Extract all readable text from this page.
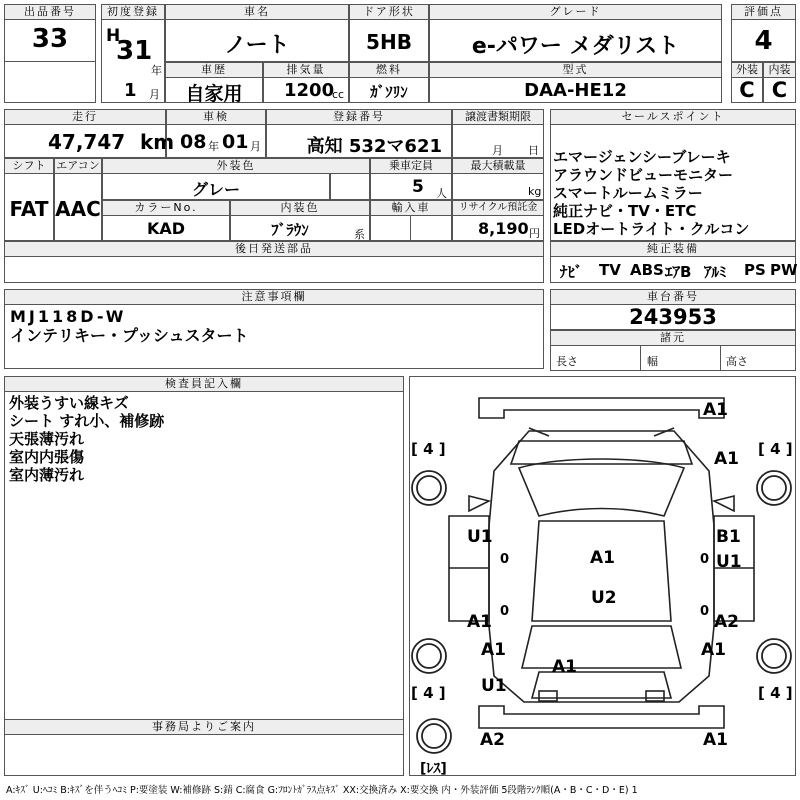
出品番号
33
初度登録
H
31
年
1 月
車名
ノート
ドア形状
5HB
グレード
e-パワー メダリスト
評価点
4
車歴
自家用
排気量
1200
cc
燃料
ｶﾞｿﾘﾝ
型式
DAA-HE12
外装
C
内装
C
走行
47,747 km
車検
08 年 01 月
登録番号
高知 532マ621
譲渡書類期限
月 日
シフト
FAT
エアコン
AAC
外装色
グレー
乗車定員
5 人
最大積載量
kg
カラーNo.
KAD
内装色
ﾌﾞﾗｳﾝ	系
輸入車	リサイクル預託金
8,190 円
後日発送部品
セールスポイント
エマージェンシーブレーキ
アラウンドビューモニター
スマートルームミラー
純正ナビ・TV・ETC
LEDオートライト・クルコン
純正装備
ﾅﾋﾞ TV ABS ｴｱB ｱﾙﾐ PS PW
注意事項欄
MJ118D-W
インテリキー・プッシュスタート
車台番号
243953
諸元
長さ	幅	高さ
検査員記入欄
外装うすい線キズ
シート すれ小、補修跡
天張薄汚れ
室内内張傷
室内薄汚れ
事務局よりご案内
A1
A1
B1
U1
U1
A1
U2
A1	A2
A1	A1
A1
U1
A2	A1
0	0
0	0
[ 4 ]	[ 4 ]
[ 4 ]	[ 4 ]
[ﾚｽ]
A:ｷｽﾞ U:ﾍｺﾐ B:ｷｽﾞを伴うﾍｺﾐ P:要塗装 W:補修跡 S:錆 C:腐食 G:ﾌﾛﾝﾄｶﾞﾗｽ点ｷｽﾞ XX:交換済み X:要交換 内・外装評価 5段階ﾗﾝｸ順(A・B・C・D・E) 1
